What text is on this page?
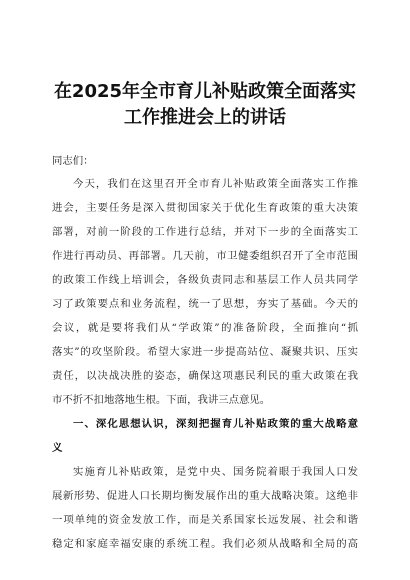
在2025年全市育儿补贴政策全面落实
工作推进会上的讲话
同志们：
今天，我们在这里召开全市育儿补贴政策全面落实工作推
进会，主要任务是深入贯彻国家关于优化生育政策的重大决策
部署，对前一阶段的工作进行总结，并对下一步的全面落实工
作进行再动员、再部署。几天前，市卫健委组织召开了全市范围
的政策工作线上培训会，各级负责同志和基层工作人员共同学
习了政策要点和业务流程，统一了思想，夯实了基础。今天的
会议，就是要将我们从“学政策”的准备阶段，全面推向“抓
落实”的攻坚阶段。希望大家进一步提高站位、凝聚共识、压实
责任，以决战决胜的姿态，确保这项惠民利民的重大政策在我
市不折不扣地落地生根。下面，我讲三点意见。
一、深化思想认识，深刻把握育儿补贴政策的重大战略意
义
实施育儿补贴政策，是党中央、国务院着眼于我国人口发
展新形势、促进人口长期均衡发展作出的重大战略决策。这绝非
一项单纯的资金发放工作，而是关系国家长远发展、社会和谐
稳定和家庭幸福安康的系统工程。我们必须从战略和全局的高
